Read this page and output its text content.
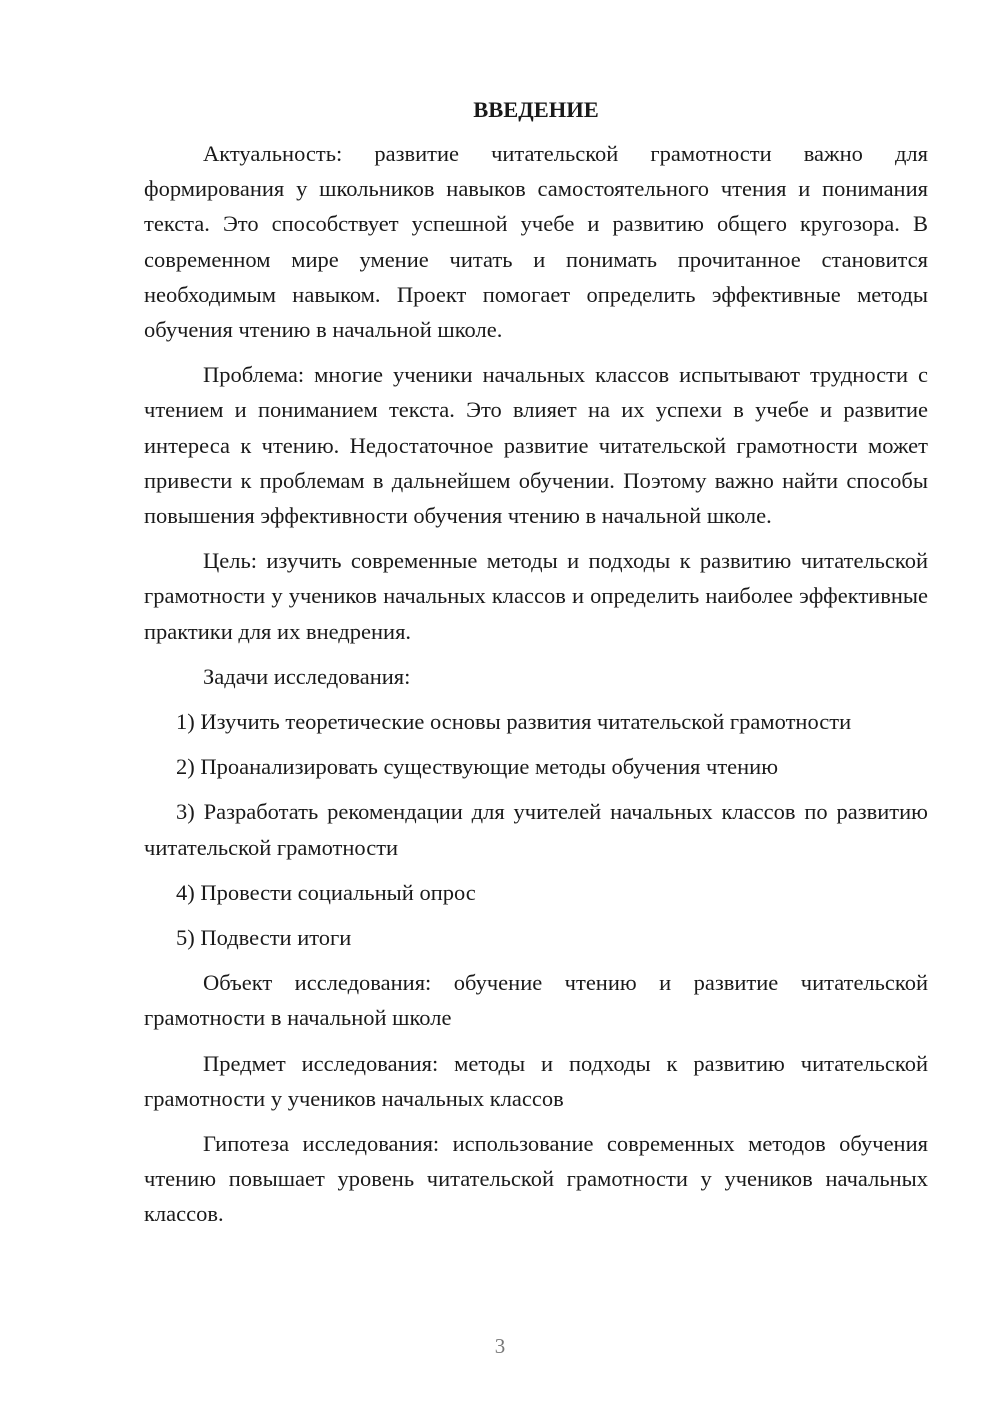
ВВЕДЕНИЕ

Актуальность: развитие читательской грамотности важно для формирования у школьников навыков самостоятельного чтения и понимания текста. Это способствует успешной учебе и развитию общего кругозора. В современном мире умение читать и понимать прочитанное становится необходимым навыком. Проект помогает определить эффективные методы обучения чтению в начальной школе.

Проблема: многие ученики начальных классов испытывают трудности с чтением и пониманием текста. Это влияет на их успехи в учебе и развитие интереса к чтению. Недостаточное развитие читательской грамотности может привести к проблемам в дальнейшем обучении. Поэтому важно найти способы повышения эффективности обучения чтению в начальной школе.

Цель: изучить современные методы и подходы к развитию читательской грамотности у учеников начальных классов и определить наиболее эффективные практики для их внедрения.

Задачи исследования:

1) Изучить теоретические основы развития читательской грамотности

2) Проанализировать существующие методы обучения чтению

3) Разработать рекомендации для учителей начальных классов по развитию читательской грамотности

4) Провести социальный опрос

5) Подвести итоги

Объект исследования: обучение чтению и развитие читательской грамотности в начальной школе

Предмет исследования: методы и подходы к развитию читательской грамотности у учеников начальных классов

Гипотеза исследования: использование современных методов обучения чтению повышает уровень читательской грамотности у учеников начальных классов.

3
